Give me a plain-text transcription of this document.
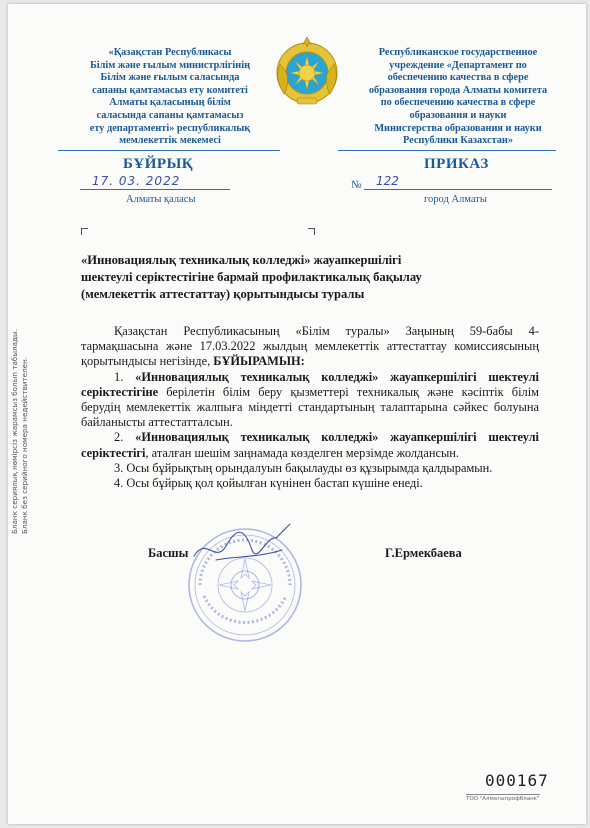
«Қазақстан Республикасы
Білім және ғылым министрлігінің
Білім және ғылым саласында
сапаны қамтамасыз ету комитеті
Алматы қаласының білім
саласында сапаны қамтамасыз
ету департаменті» республикалық
мемлекеттік мекемесі
Республиканское государственное
учреждение «Департамент по
обеспечению качества в сфере
образования города Алматы комитета
по обеспечению качества в сфере
образования и науки
Министерства образования и науки
Республики Казахстан»
БҰЙРЫҚ	ПРИКАЗ
17. 03. 2022	№ 122
Алматы қаласы	город Алматы
«Инновациялық техникалық колледжі» жауапкершілігі
шектеулі серіктестігіне бармай профилактикалық бақылау
(мемлекеттік аттестаттау) қорытындысы туралы

Қазақстан Республикасының «Білім туралы» Заңының 59-бабы 4-тармақшасына және 17.03.2022 жылдың мемлекеттік аттестаттау комиссиясының қорытындысы негізінде, БҰЙЫРАМЫН:

1. «Инновациялық техникалық колледжі» жауапкершілігі шектеулі серіктестігіне берілетін білім беру қызметтері техникалық және кәсіптік білім берудің мемлекеттік жалпыға міндетті стандартының талаптарына сәйкес болуына байланысты аттестатталсын.

2. «Инновациялық техникалық колледжі» жауапкершілігі шектеулі серіктестігі, аталған шешім заңнамада көзделген мерзімде жолдансын.

3. Осы бұйрықтың орындалуын бақылауды өз құзырымда қалдырамын.

4. Осы бұйрық қол қойылған күнінен бастап күшіне енеді.

Басшы	Г.Ермекбаева
000167
ТОО "Алматыпрофбланк"
Бланк сериялық нөмірсіз жарамсыз болып табылады. Бланк без серийного номера недействителен.
